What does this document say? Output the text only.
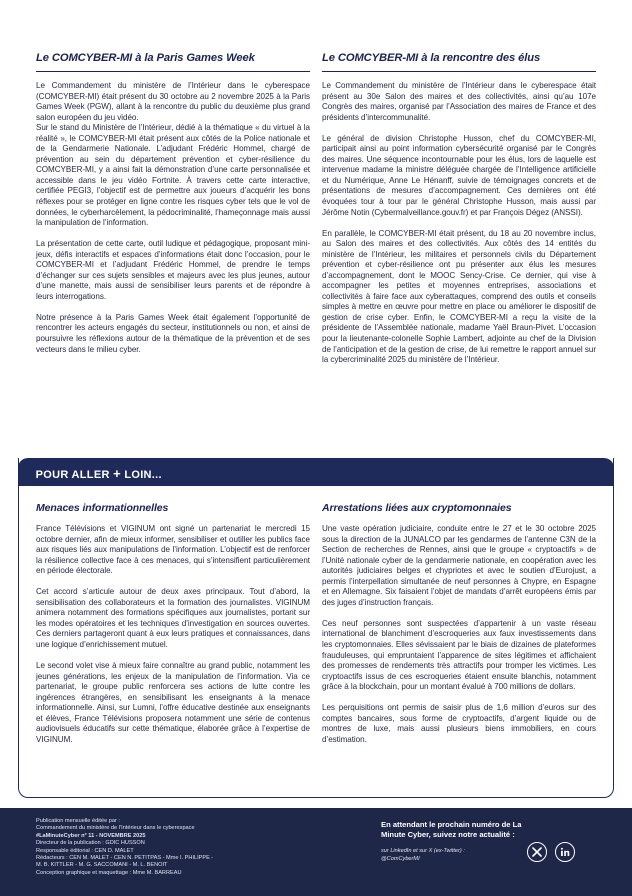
Le COMCYBER-MI à la Paris Games Week

Le Commandement du ministère de l’Intérieur dans le cyberespace (COMCYBER-MI) était présent du 30 octobre au 2 novembre 2025 à la Paris Games Week (PGW), allant à la rencontre du public du deuxième plus grand salon européen du jeu vidéo.

Sur le stand du Ministère de l’Intérieur, dédié à la thématique « du virtuel à la réalité », le COMCYBER-MI était présent aux côtés de la Police nationale et de la Gendarmerie Nationale. L’adjudant Frédéric Hommel, chargé de prévention au sein du département prévention et cyber-résilience du COMCYBER-MI, y a ainsi fait la démonstration d’une carte personnalisée et accessible dans le jeu vidéo Fortnite. À travers cette carte interactive, certifiée PEGI3, l’objectif est de permettre aux joueurs d’acquérir les bons réflexes pour se protéger en ligne contre les risques cyber tels que le vol de données, le cyberharcèlement, la pédocriminalité, l’hameçonnage mais aussi la manipulation de l’information.

La présentation de cette carte, outil ludique et pédagogique, proposant mini-jeux, défis interactifs et espaces d’informations était donc l’occasion, pour le COMCYBER-MI et l’adjudant Frédéric Hommel, de prendre le temps d’échanger sur ces sujets sensibles et majeurs avec les plus jeunes, autour d’une manette, mais aussi de sensibiliser leurs parents et de répondre à leurs interrogations.

Notre présence à la Paris Games Week était également l’opportunité de rencontrer les acteurs engagés du secteur, institutionnels ou non, et ainsi de poursuivre les réflexions autour de la thématique de la prévention et de ses vecteurs dans le milieu cyber.

Le COMCYBER-MI à la rencontre des élus

Le Commandement du ministère de l’Intérieur dans le cyberespace était présent au 30e Salon des maires et des collectivités, ainsi qu’au 107e Congrès des maires, organisé par l’Association des maires de France et des présidents d’intercommunalité.

Le général de division Christophe Husson, chef du COMCYBER-MI, participait ainsi au point information cybersécurité organisé par le Congrès des maires. Une séquence incontournable pour les élus, lors de laquelle est intervenue madame la ministre déléguée chargée de l’Intelligence artificielle et du Numérique, Anne Le Hénanff, suivie de témoignages concrets et de présentations de mesures d’accompagnement. Ces dernières ont été évoquées tour à tour par le général Christophe Husson, mais aussi par Jérôme Notin (Cybermalveillance.gouv.fr) et par François Dégez (ANSSI).

En parallèle, le COMCYBER-MI était présent, du 18 au 20 novembre inclus, au Salon des maires et des collectivités. Aux côtés des 14 entités du ministère de l’Intérieur, les militaires et personnels civils du Département prévention et cyber-résilience ont pu présenter aux élus les mesures d’accompagnement, dont le MOOC Sency-Crise. Ce dernier, qui vise à accompagner les petites et moyennes entreprises, associations et collectivités à faire face aux cyberattaques, comprend des outils et conseils simples à mettre en œuvre pour mettre en place ou améliorer le dispositif de gestion de crise cyber. Enfin, le COMCYBER-MI a reçu la visite de la présidente de l’Assemblée nationale, madame Yaël Braun-Pivet. L’occasion pour la lieutenante-colonelle Sophie Lambert, adjointe au chef de la Division de l’anticipation et de la gestion de crise, de lui remettre le rapport annuel sur la cybercriminalité 2025 du ministère de l’Intérieur.

POUR ALLER + LOIN...
Menaces informationnelles

France Télévisions et VIGINUM ont signé un partenariat le mercredi 15 octobre dernier, afin de mieux informer, sensibiliser et outiller les publics face aux risques liés aux manipulations de l’information. L’objectif est de renforcer la résilience collective face à ces menaces, qui s’intensifient particulièrement en période électorale.

Cet accord s’articule autour de deux axes principaux. Tout d’abord, la sensibilisation des collaborateurs et la formation des journalistes. VIGINUM animera notamment des formations spécifiques aux journalistes, portant sur les modes opératoires et les techniques d’investigation en sources ouvertes. Ces derniers partageront quant à eux leurs pratiques et connaissances, dans une logique d’enrichissement mutuel.

Le second volet vise à mieux faire connaître au grand public, notamment les jeunes générations, les enjeux de la manipulation de l’information. Via ce partenariat, le groupe public renforcera ses actions de lutte contre les ingérences étrangères, en sensibilisant les enseignants à la menace informationnelle. Ainsi, sur Lumni, l’offre éducative destinée aux enseignants et élèves, France Télévisions proposera notamment une série de contenus audiovisuels éducatifs sur cette thématique, élaborée grâce à l’expertise de VIGINUM.

Arrestations liées aux cryptomonnaies

Une vaste opération judiciaire, conduite entre le 27 et le 30 octobre 2025 sous la direction de la JUNALCO par les gendarmes de l’antenne C3N de la Section de recherches de Rennes, ainsi que le groupe « cryptoactifs » de l’Unité nationale cyber de la gendarmerie nationale, en coopération avec les autorités judiciaires belges et chypriotes et avec le soutien d’Eurojust, a permis l’interpellation simultanée de neuf personnes à Chypre, en Espagne et en Allemagne. Six faisaient l’objet de mandats d’arrêt européens émis par des juges d’instruction français.

Ces neuf personnes sont suspectées d’appartenir à un vaste réseau international de blanchiment d’escroqueries aux faux investissements dans les cryptomonnaies. Elles sévissaient par le biais de dizaines de plateformes frauduleuses, qui empruntaient l’apparence de sites légitimes et affichaient des promesses de rendements très attractifs pour tromper les victimes. Les cryptoactifs issus de ces escroqueries étaient ensuite blanchis, notamment grâce à la blockchain, pour un montant évalué à 700 millions de dollars.

Les perquisitions ont permis de saisir plus de 1,6 million d’euros sur des comptes bancaires, sous forme de cryptoactifs, d’argent liquide ou de montres de luxe, mais aussi plusieurs biens immobiliers, en cours d’estimation.

Publication mensuelle éditée par :
Commandement du ministère de l’Intérieur dans le cyberespace
#LaMinuteCyber n° 11 - NOVEMBRE 2025
Directeur de la publication : GDIC HUSSON
Responsable éditorial : CEN D. MALET
Rédacteurs : CEN M. MALET - CEN N. PETITPAS - Mme I. PHILIPPE -
M. B. KITTLER - M. G. SACCOMANI - M. L. BENOIT
Conception graphique et maquettage : Mme M. BARREAU
En attendant le prochain numéro de La Minute Cyber, suivez notre actualité :
sur LinkedIn et sur X (ex-Twitter) :
@ComCyberMI
